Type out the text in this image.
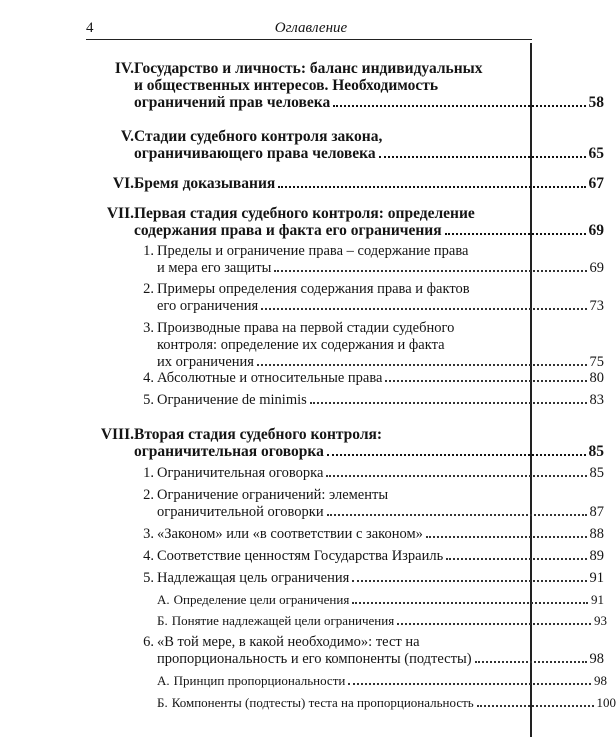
4	Оглавление
IV. Государство и личность: баланс индивидуальных
и общественных интересов. Необходимость
ограничений прав человека	58
V. Стадии судебного контроля закона,
ограничивающего права человека	65
VI. Бремя доказывания	67
VII. Первая стадия судебного контроля: определение
содержания права и факта его ограничения	69
1. Пределы и ограничение права – содержание права
и мера его защиты	69
2. Примеры определения содержания права и фактов
его ограничения	73
3. Производные права на первой стадии судебного
контроля: определение их содержания и факта
их ограничения	75
4. Абсолютные и относительные права	80
5. Ограничение de minimis	83
VIII. Вторая стадия судебного контроля:
ограничительная оговорка	85
1. Ограничительная оговорка	85
2. Ограничение ограничений: элементы
ограничительной оговорки	87
3. «Законом» или «в соответствии с законом»	88
4. Соответствие ценностям Государства Израиль	89
5. Надлежащая цель ограничения	91
А. Определение цели ограничения	91
Б. Понятие надлежащей цели ограничения	93
6. «В той мере, в какой необходимо»: тест на
пропорциональность и его компоненты (подтесты)	98
А. Принцип пропорциональности	98
Б. Компоненты (подтесты) теста на пропорциональность	100
